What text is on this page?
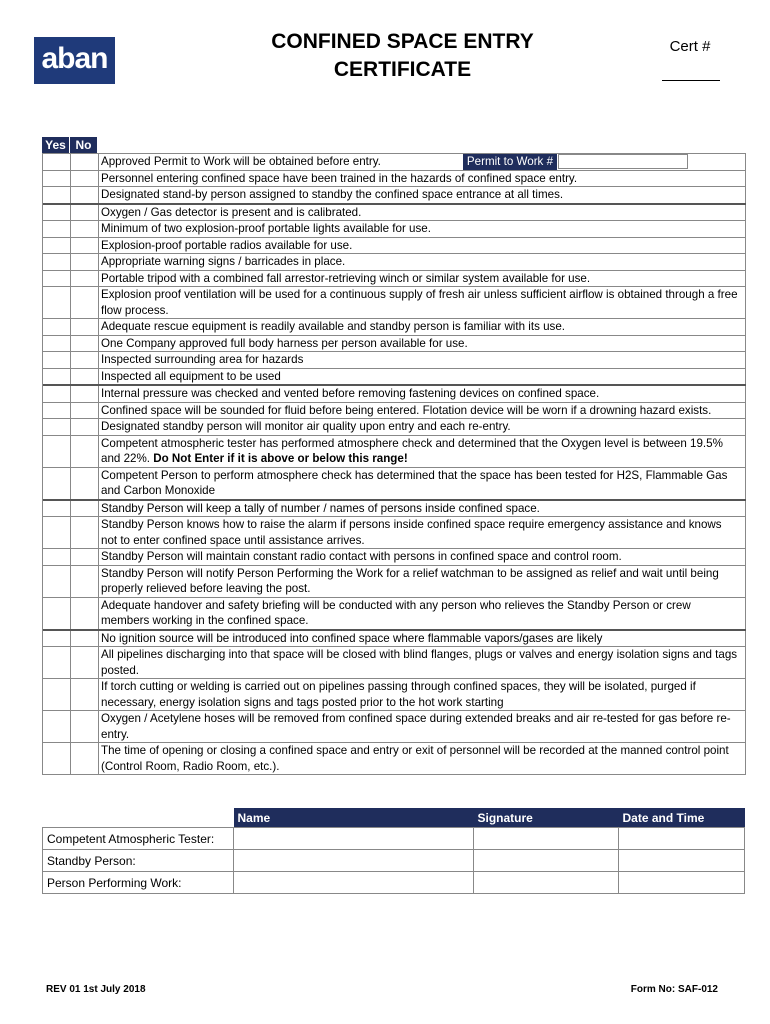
aban
CONFINED SPACE ENTRY
CERTIFICATE
Cert #
Yes No
Approved Permit to Work will be obtained before entry.	Permit to Work #
Personnel entering confined space have been trained in the hazards of confined space entry.
Designated stand-by person assigned to standby the confined space entrance at all times.
Oxygen / Gas detector is present and is calibrated.
Minimum of two explosion-proof portable lights available for use.
Explosion-proof portable radios available for use.
Appropriate warning signs / barricades in place.
Portable tripod with a combined fall arrestor-retrieving winch or similar system available for use.
Explosion proof ventilation will be used for a continuous supply of fresh air unless sufficient airflow is obtained through a free flow process.
Adequate rescue equipment is readily available and standby person is familiar with its use.
One Company approved full body harness per person available for use.
Inspected surrounding area for hazards
Inspected all equipment to be used
Internal pressure was checked and vented before removing fastening devices on confined space.
Confined space will be sounded for fluid before being entered. Flotation device will be worn if a drowning hazard exists.
Designated standby person will monitor air quality upon entry and each re-entry.
Competent atmospheric tester has performed atmosphere check and determined that the Oxygen level is between 19.5% and 22%. Do Not Enter if it is above or below this range!
Competent Person to perform atmosphere check has determined that the space has been tested for H2S, Flammable Gas and Carbon Monoxide
Standby Person will keep a tally of number / names of persons inside confined space.
Standby Person knows how to raise the alarm if persons inside confined space require emergency assistance and knows not to enter confined space until assistance arrives.
Standby Person will maintain constant radio contact with persons in confined space and control room.
Standby Person will notify Person Performing the Work for a relief watchman to be assigned as relief and wait until being properly relieved before leaving the post.
Adequate handover and safety briefing will be conducted with any person who relieves the Standby Person or crew members working in the confined space.
No ignition source will be introduced into confined space where flammable vapors/gases are likely
All pipelines discharging into that space will be closed with blind flanges, plugs or valves and energy isolation signs and tags posted.
If torch cutting or welding is carried out on pipelines passing through confined spaces, they will be isolated, purged if necessary, energy isolation signs and tags posted prior to the hot work starting
Oxygen / Acetylene hoses will be removed from confined space during extended breaks and air re-tested for gas before re-entry.
The time of opening or closing a confined space and entry or exit of personnel will be recorded at the manned control point (Control Room, Radio Room, etc.).
	Name	Signature	Date and Time
Competent Atmospheric Tester:			
Standby Person:			
Person Performing Work:			
REV 01 1st July 2018	Form No: SAF-012
